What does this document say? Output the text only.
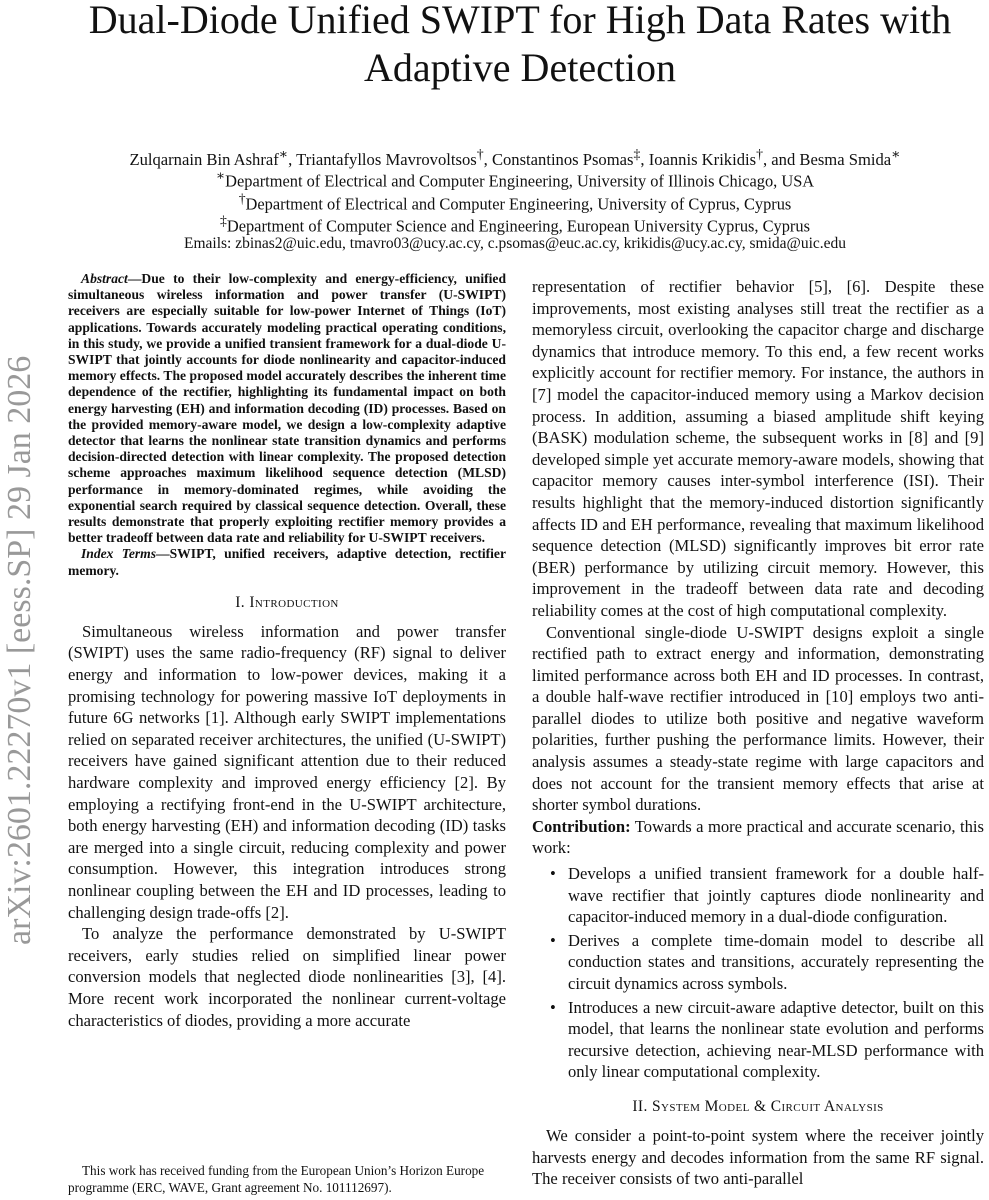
Dual-Diode Unified SWIPT for High Data Rates with Adaptive Detection
Zulqarnain Bin Ashraf∗, Triantafyllos Mavrovoltsos†, Constantinos Psomas‡, Ioannis Krikidis†, and Besma Smida∗
∗Department of Electrical and Computer Engineering, University of Illinois Chicago, USA
†Department of Electrical and Computer Engineering, University of Cyprus, Cyprus
‡Department of Computer Science and Engineering, European University Cyprus, Cyprus
Emails: zbinas2@uic.edu, tmavro03@ucy.ac.cy, c.psomas@euc.ac.cy, krikidis@ucy.ac.cy, smida@uic.edu
arXiv:2601.22270v1 [eess.SP] 29 Jan 2026

Abstract—Due to their low-complexity and energy-efficiency, unified simultaneous wireless information and power transfer (U-SWIPT) receivers are especially suitable for low-power Internet of Things (IoT) applications. Towards accurately modeling practical operating conditions, in this study, we provide a unified transient framework for a dual-diode U-SWIPT that jointly accounts for diode nonlinearity and capacitor-induced memory effects. The proposed model accurately describes the inherent time dependence of the rectifier, highlighting its fundamental impact on both energy harvesting (EH) and information decoding (ID) processes. Based on the provided memory-aware model, we design a low-complexity adaptive detector that learns the nonlinear state transition dynamics and performs decision-directed detection with linear complexity. The proposed detection scheme approaches maximum likelihood sequence detection (MLSD) performance in memory-dominated regimes, while avoiding the exponential search required by classical sequence detection. Overall, these results demonstrate that properly exploiting rectifier memory provides a better tradeoff between data rate and reliability for U-SWIPT receivers.

Index Terms—SWIPT, unified receivers, adaptive detection, rectifier memory.

I. Introduction

Simultaneous wireless information and power transfer (SWIPT) uses the same radio-frequency (RF) signal to deliver energy and information to low-power devices, making it a promising technology for powering massive IoT deployments in future 6G networks [1]. Although early SWIPT implementations relied on separated receiver architectures, the unified (U-SWIPT) receivers have gained significant attention due to their reduced hardware complexity and improved energy efficiency [2]. By employing a rectifying front-end in the U-SWIPT architecture, both energy harvesting (EH) and information decoding (ID) tasks are merged into a single circuit, reducing complexity and power consumption. However, this integration introduces strong nonlinear coupling between the EH and ID processes, leading to challenging design trade-offs [2].

To analyze the performance demonstrated by U-SWIPT receivers, early studies relied on simplified linear power conversion models that neglected diode nonlinearities [3], [4]. More recent work incorporated the nonlinear current-voltage characteristics of diodes, providing a more accurate

representation of rectifier behavior [5], [6]. Despite these improvements, most existing analyses still treat the rectifier as a memoryless circuit, overlooking the capacitor charge and discharge dynamics that introduce memory. To this end, a few recent works explicitly account for rectifier memory. For instance, the authors in [7] model the capacitor-induced memory using a Markov decision process. In addition, assuming a biased amplitude shift keying (BASK) modulation scheme, the subsequent works in [8] and [9] developed simple yet accurate memory-aware models, showing that capacitor memory causes inter-symbol interference (ISI). Their results highlight that the memory-induced distortion significantly affects ID and EH performance, revealing that maximum likelihood sequence detection (MLSD) significantly improves bit error rate (BER) performance by utilizing circuit memory. However, this improvement in the tradeoff between data rate and decoding reliability comes at the cost of high computational complexity.

Conventional single-diode U-SWIPT designs exploit a single rectified path to extract energy and information, demonstrating limited performance across both EH and ID processes. In contrast, a double half-wave rectifier introduced in [10] employs two anti-parallel diodes to utilize both positive and negative waveform polarities, further pushing the performance limits. However, their analysis assumes a steady-state regime with large capacitors and does not account for the transient memory effects that arise at shorter symbol durations.

Contribution: Towards a more practical and accurate scenario, this work:

• Develops a unified transient framework for a double half-wave rectifier that jointly captures diode nonlinearity and capacitor-induced memory in a dual-diode configuration.
• Derives a complete time-domain model to describe all conduction states and transitions, accurately representing the circuit dynamics across symbols.
• Introduces a new circuit-aware adaptive detector, built on this model, that learns the nonlinear state evolution and performs recursive detection, achieving near-MLSD performance with only linear computational complexity.
II. System Model & Circuit Analysis

We consider a point-to-point system where the receiver jointly harvests energy and decodes information from the same RF signal. The receiver consists of two anti-parallel

This work has received funding from the European Union’s Horizon Europe programme (ERC, WAVE, Grant agreement No. 101112697).
